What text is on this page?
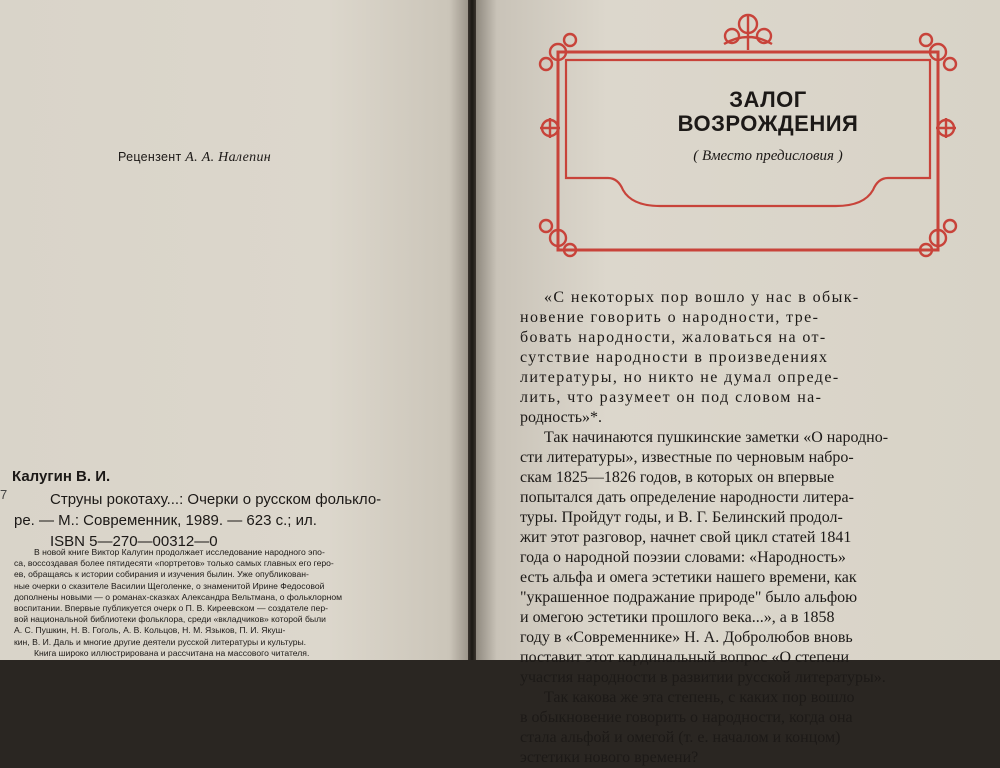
Рецензент А. А. Налепин
7
Калугин В. И.
Струны рокотаху...: Очерки о русском фолькло-
ре. — М.: Современник, 1989. — 623 с.; ил.
ISBN 5—270—00312—0
В новой книге Виктор Калугин продолжает исследование народного эпо-
са, воссоздавая более пятидесяти «портретов» только самых главных его геро-
ев, обращаясь к истории собирания и изучения былин. Уже опубликован-
ные очерки о сказителе Василии Щеголенке, о знаменитой Ирине Федосовой
дополнены новыми — о романах-сказках Александра Вельтмана, о фольклорном
воспитании. Впервые публикуется очерк о П. В. Киреевском — создателе пер-
вой национальной библиотеки фольклора, среди «вкладчиков» которой были
А. С. Пушкин, Н. В. Гоголь, А. В. Кольцов, Н. М. Языков, П. И. Якуш-
кин, В. И. Даль и многие другие деятели русской литературы и культуры.
Книга широко иллюстрирована и рассчитана на массового читателя.
ЗАЛОГ
ВОЗРОЖДЕНИЯ
( Вместо предисловия )
«С некоторых пор вошло у нас в обык-
новение говорить о народности, тре-
бовать народности, жаловаться на от-
сутствие народности в произведениях
литературы, но никто не думал опреде-
лить, что разумеет он под словом на-
родность»*.
Так начинаются пушкинские заметки «О народно-
сти литературы», известные по черновым набро-
скам 1825—1826 годов, в которых он впервые
попытался дать определение народности литера-
туры. Пройдут годы, и В. Г. Белинский продол-
жит этот разговор, начнет свой цикл статей 1841
года о народной поэзии словами: «Народность»
есть альфа и омега эстетики нашего времени, как
"украшенное подражание природе" было альфою
и омегою эстетики прошлого века...», а в 1858
году в «Современнике» Н. А. Добролюбов вновь
поставит этот кардинальный вопрос «О степени
участия народности в развитии русской литературы».
Так какова же эта степень, с каких пор вошло
в обыкновение говорить о народности, когда она
стала альфой и омегой (т. е. началом и концом)
эстетики нового времени?
